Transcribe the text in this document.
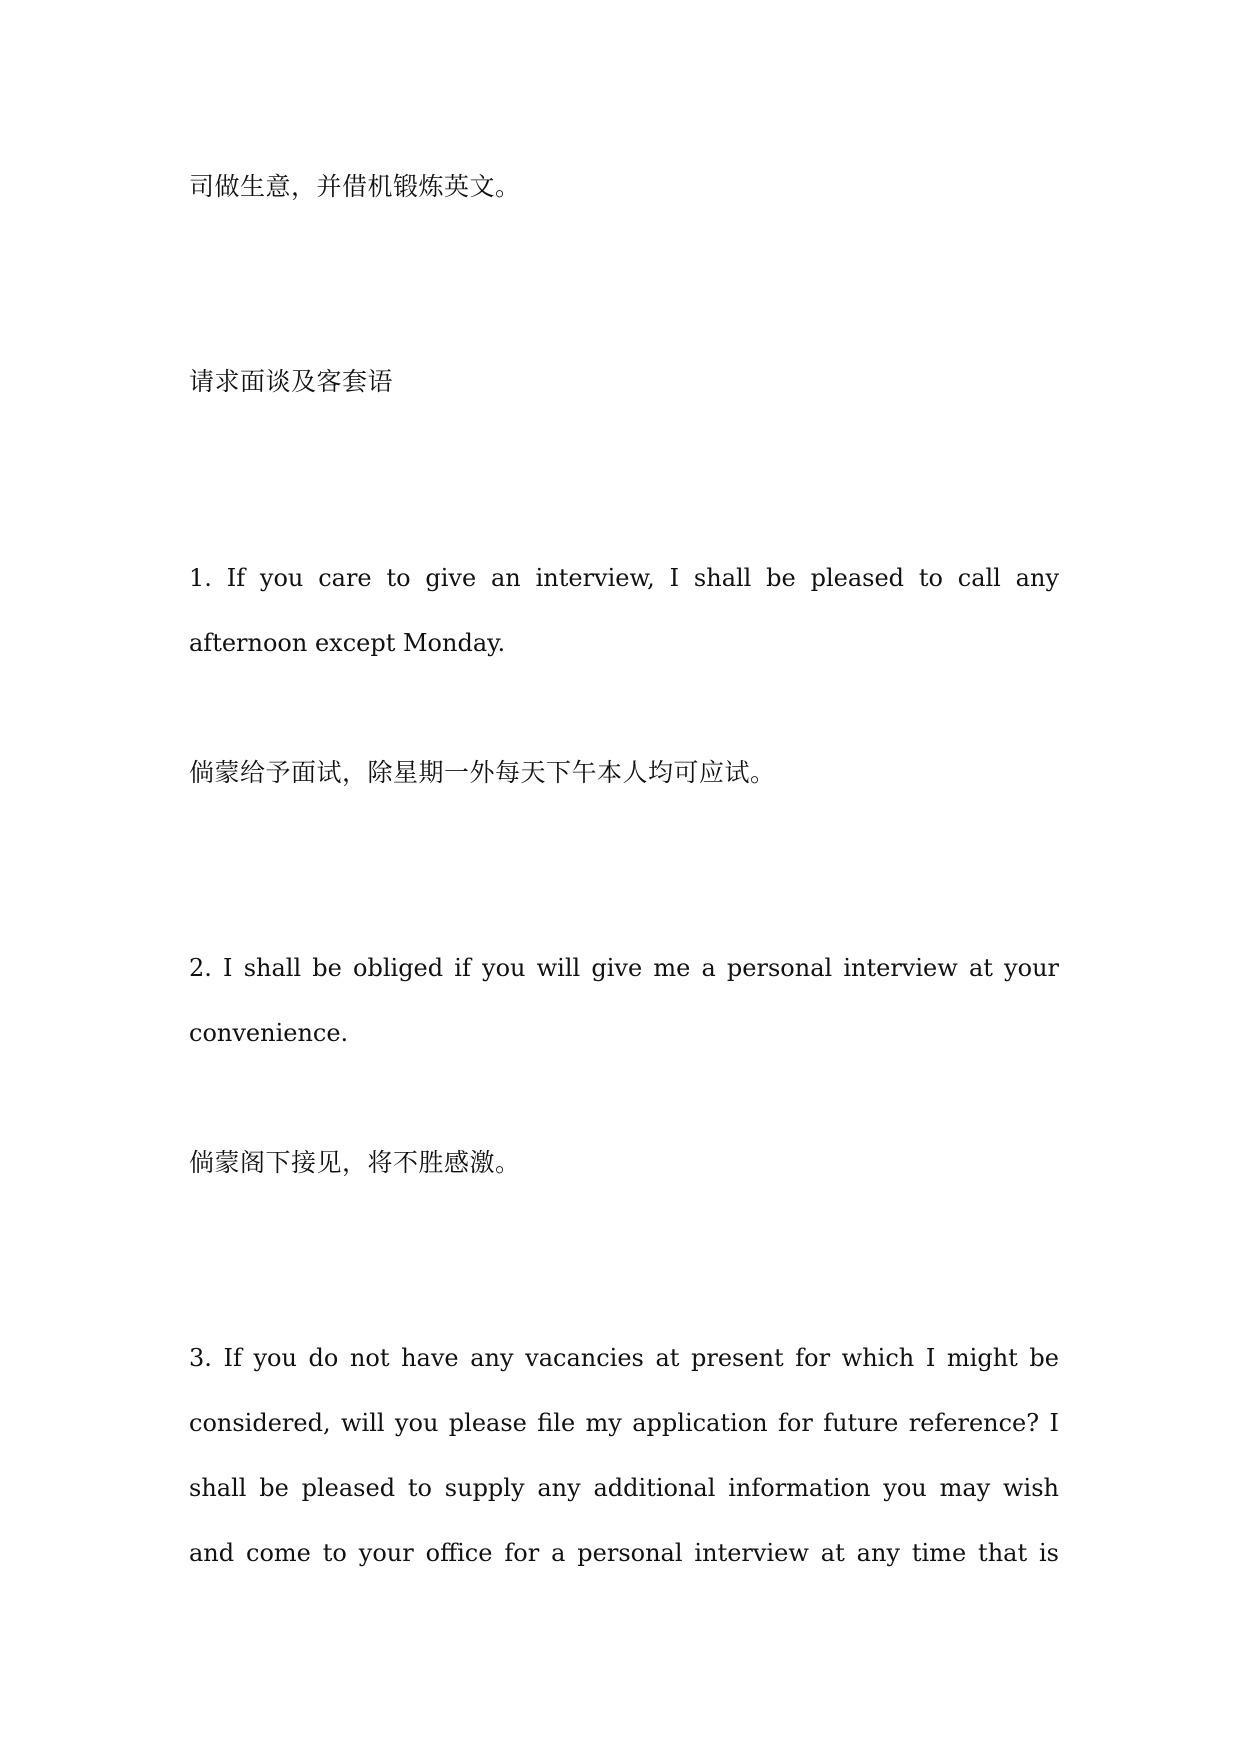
司做生意，并借机锻炼英文。

请求面谈及客套语

1. If you care to give an interview, I shall be pleased to call any

afternoon except Monday.

倘蒙给予面试，除星期一外每天下午本人均可应试。

2. I shall be obliged if you will give me a personal interview at your

convenience.

倘蒙阁下接见，将不胜感激。

3. If you do not have any vacancies at present for which I might be

considered, will you please file my application for future reference? I

shall be pleased to supply any additional information you may wish

and come to your office for a personal interview at any time that is
